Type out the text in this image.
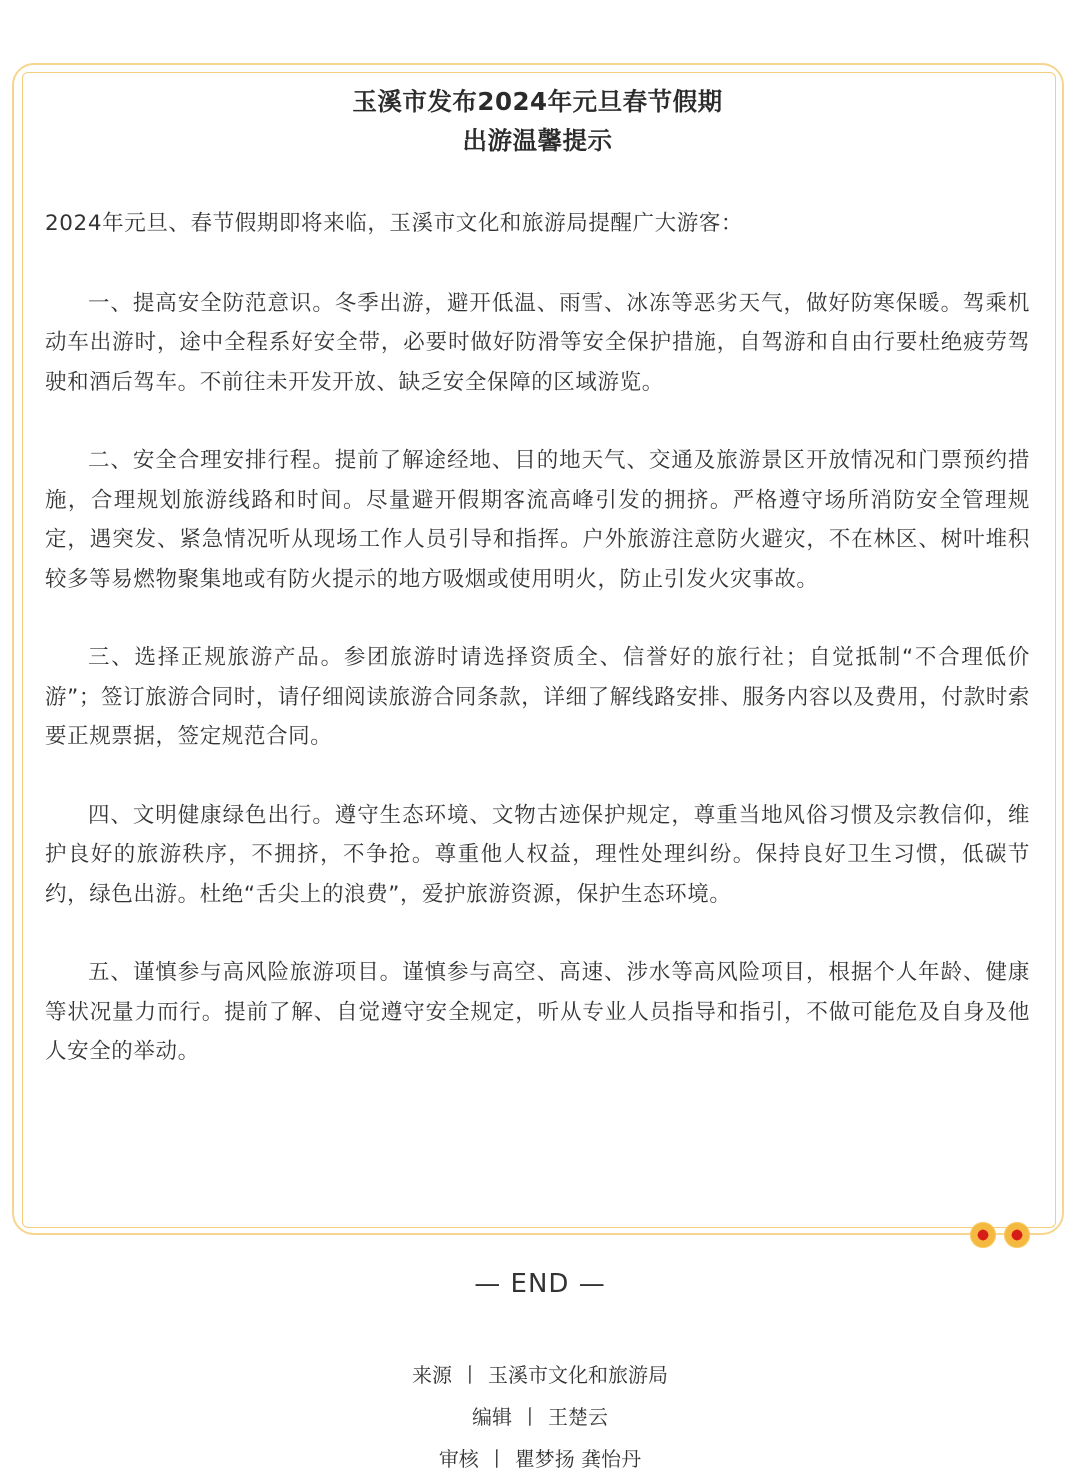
玉溪市发布2024年元旦春节假期
出游温馨提示
2024年元旦、春节假期即将来临，玉溪市文化和旅游局提醒广大游客：
一、提高安全防范意识。冬季出游，避开低温、雨雪、冰冻等恶劣天气，做好防寒保暖。驾乘机动车出游时，途中全程系好安全带，必要时做好防滑等安全保护措施，自驾游和自由行要杜绝疲劳驾驶和酒后驾车。不前往未开发开放、缺乏安全保障的区域游览。
二、安全合理安排行程。提前了解途经地、目的地天气、交通及旅游景区开放情况和门票预约措施，合理规划旅游线路和时间。尽量避开假期客流高峰引发的拥挤。严格遵守场所消防安全管理规定，遇突发、紧急情况听从现场工作人员引导和指挥。户外旅游注意防火避灾，不在林区、树叶堆积较多等易燃物聚集地或有防火提示的地方吸烟或使用明火，防止引发火灾事故。
三、选择正规旅游产品。参团旅游时请选择资质全、信誉好的旅行社；自觉抵制“不合理低价游”；签订旅游合同时，请仔细阅读旅游合同条款，详细了解线路安排、服务内容以及费用，付款时索要正规票据，签定规范合同。
四、文明健康绿色出行。遵守生态环境、文物古迹保护规定，尊重当地风俗习惯及宗教信仰，维护良好的旅游秩序，不拥挤，不争抢。尊重他人权益，理性处理纠纷。保持良好卫生习惯，低碳节约，绿色出游。杜绝“舌尖上的浪费”，爱护旅游资源，保护生态环境。
五、谨慎参与高风险旅游项目。谨慎参与高空、高速、涉水等高风险项目，根据个人年龄、健康等状况量力而行。提前了解、自觉遵守安全规定，听从专业人员指导和指引，不做可能危及自身及他人安全的举动。
— END —
来源 丨 玉溪市文化和旅游局
编辑 丨 王楚云
审核 丨 瞿梦扬 龚怡丹
